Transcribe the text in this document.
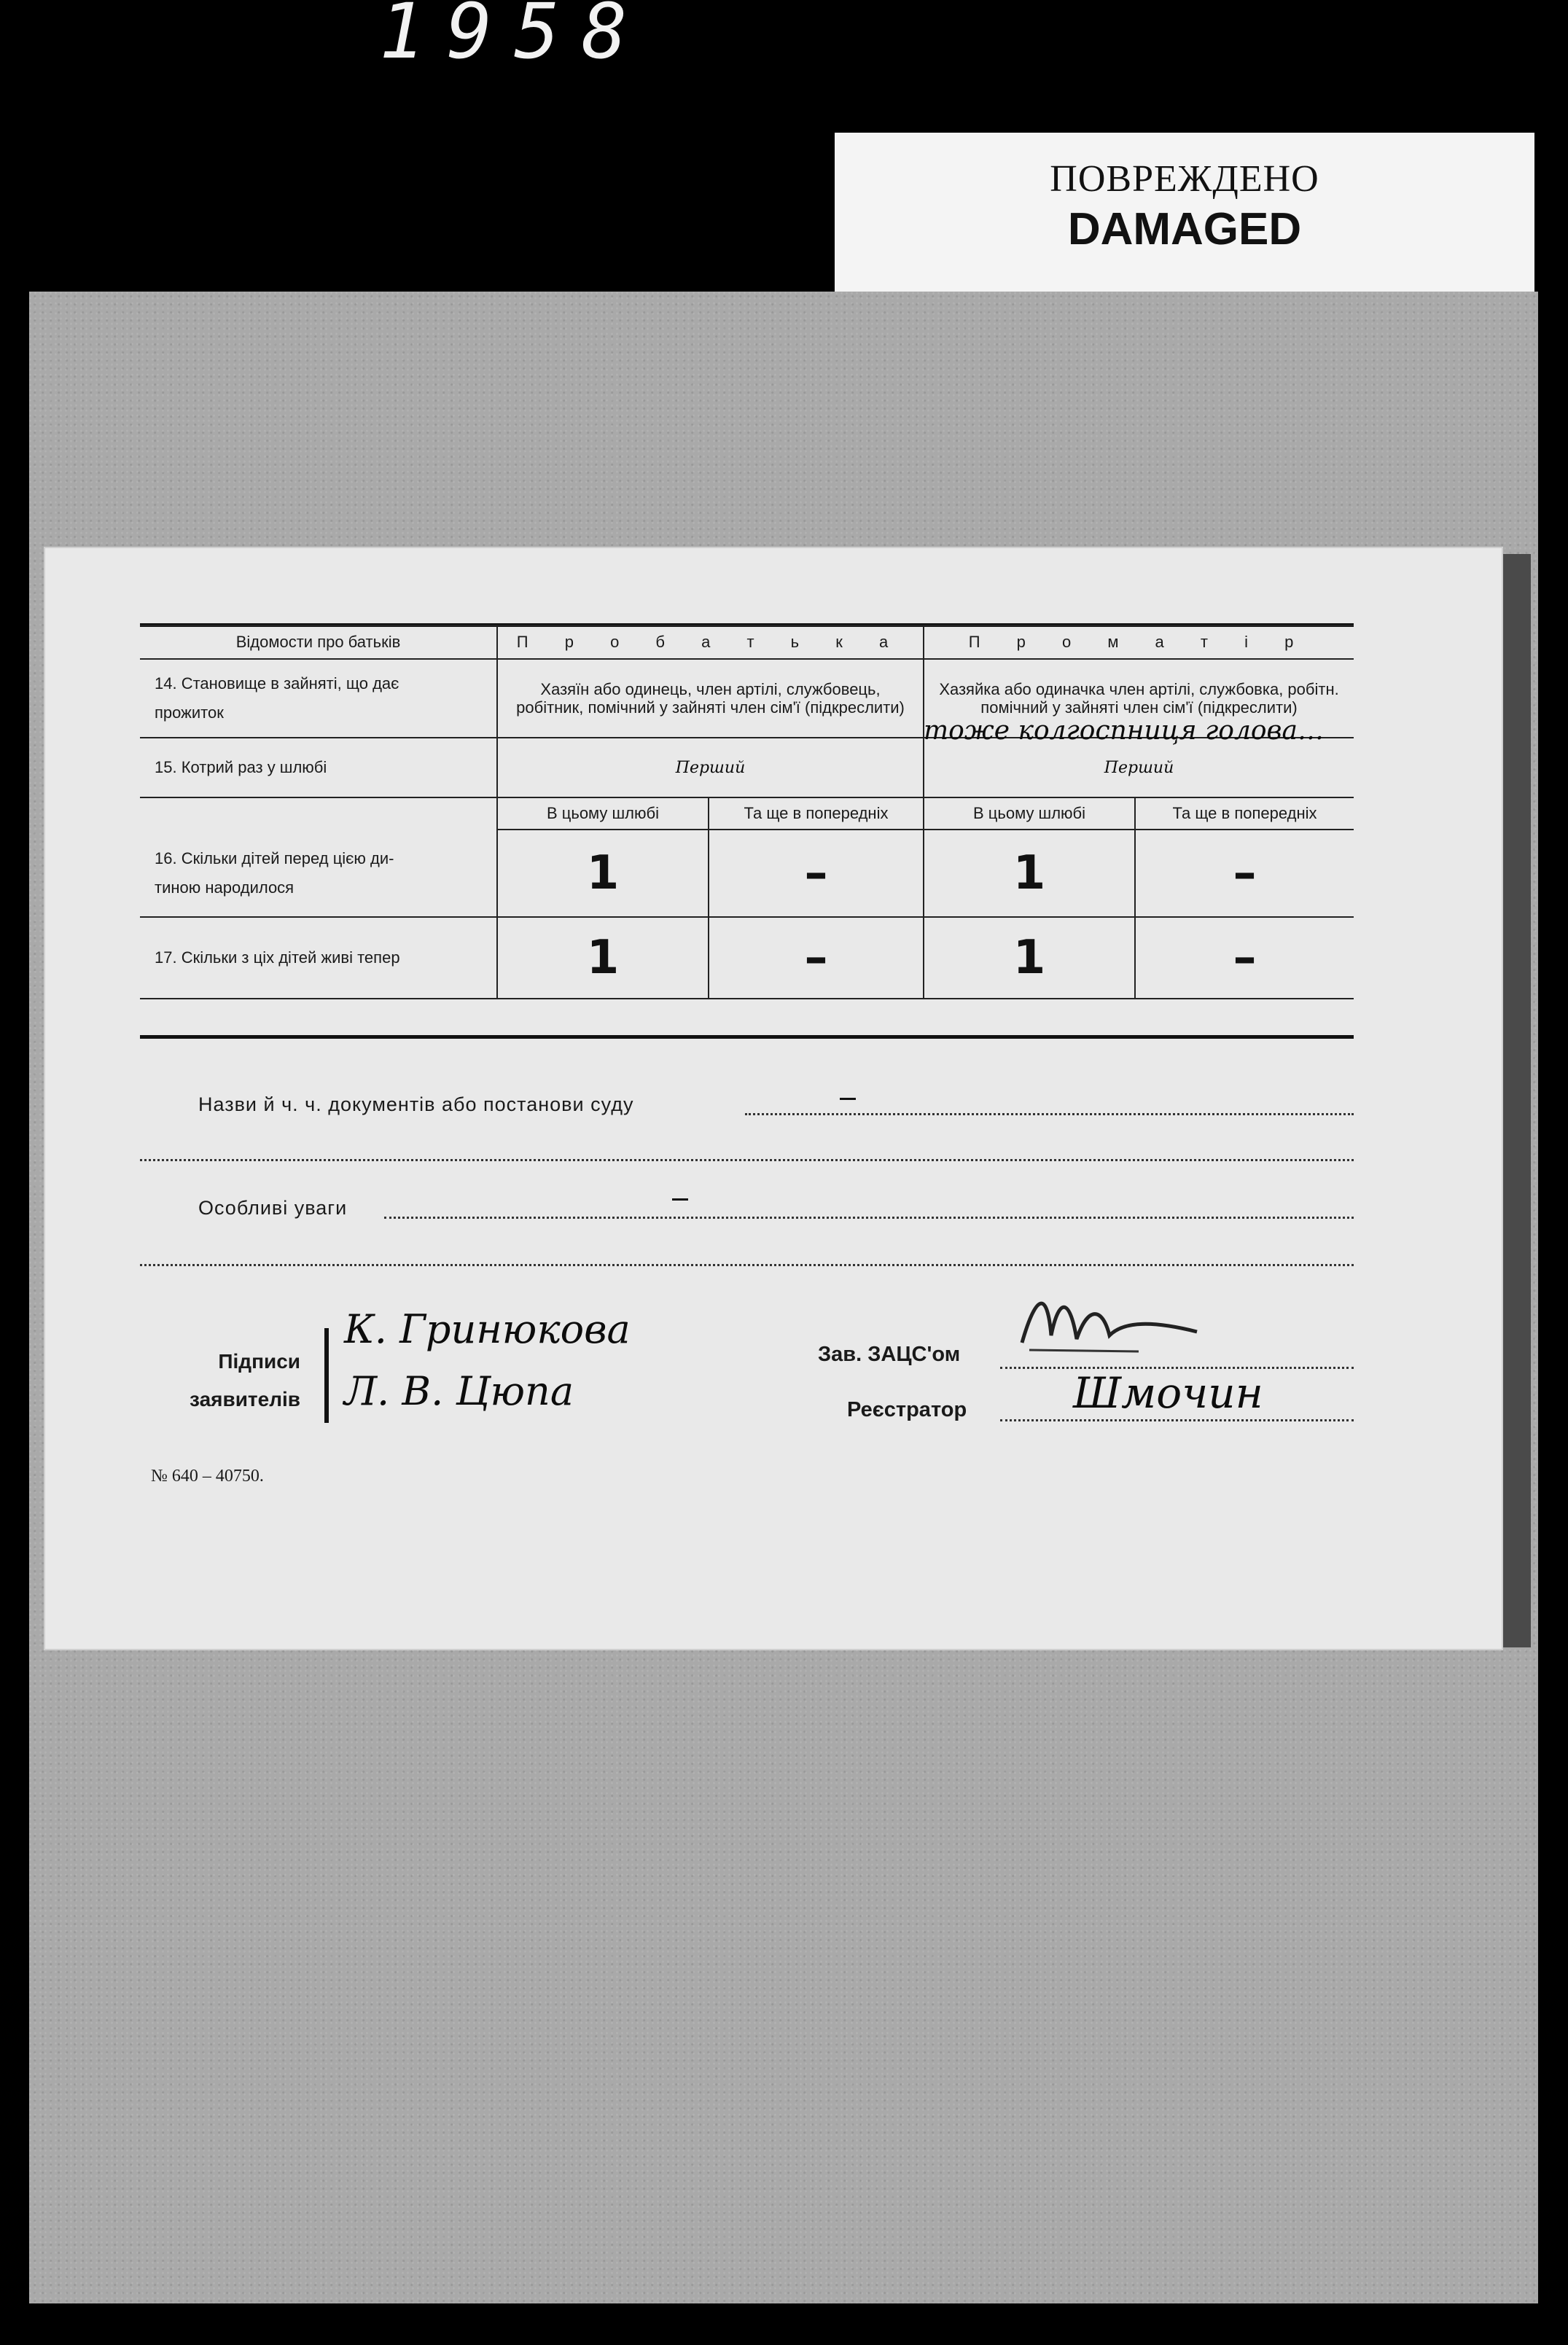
1958
ПОВРЕЖДЕНО
DAMAGED
Відомости про батьків	П р о б а т ь к а		П р о м а т і р	

14. Становище в зайняті, що дає
прожиток	Хазяїн або одинець, член артілі, службовець, робітник, помічний у зайняті член сім'ї (підкреслити)		Хазяйка або одиначка член артілі, службовка, робітн. помічний у зайняті член сім'ї (підкреслити)	
15. Котрий раз у шлюбі	Перший		Перший	
	В цьому шлюбі	Та ще в попередніх	В цьому шлюбі	Та ще в попередніх

16. Скільки дітей перед цією ди-
тиною народилося	1	–	1	–
17. Скільки з ціх дітей живі тепер	1	–	1	–
тоже колгоспниця голова…
Назви й ч. ч. документів або постанови суду
Особливі уваги
Підписи
заявителів
К. Гринюкова
Л. В. Цюпа
Зав. ЗАЦС'ом
Реєстратор	Шмочин
№ 640 – 40750.
